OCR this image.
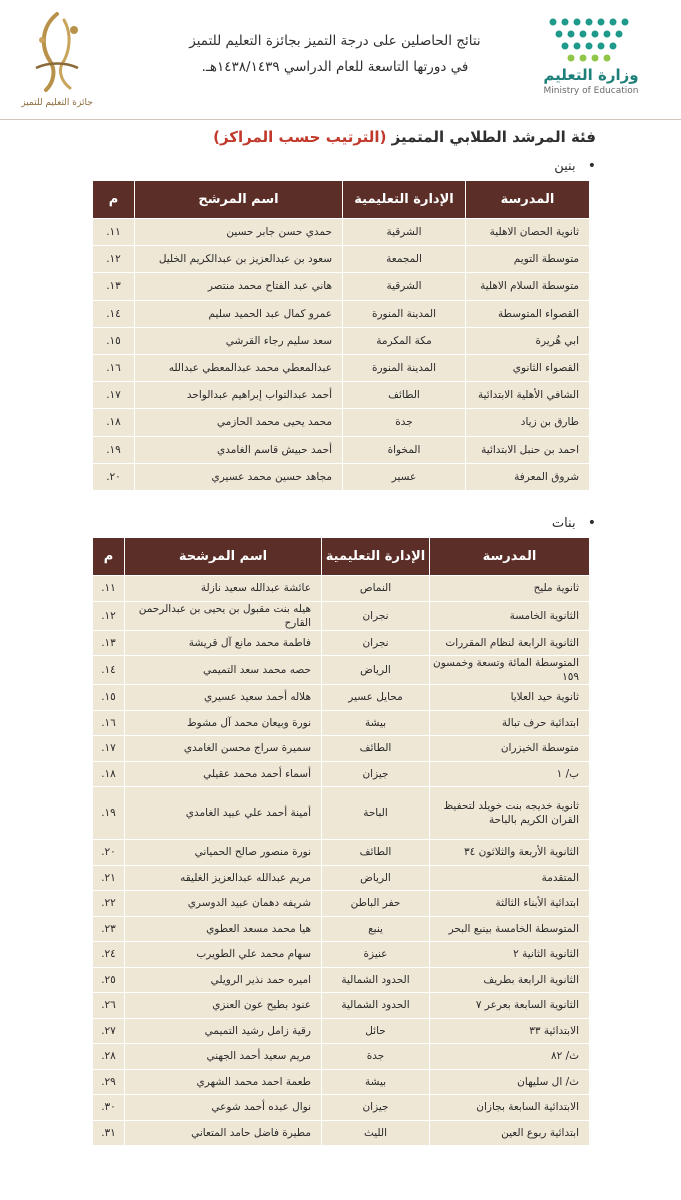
وزارة التعليم
Ministry of Education
نتائج الحاصلين على درجة التميز بجائزة التعليم للتميز
في دورتها التاسعة للعام الدراسي ١٤٣٨/١٤٣٩هـ.
جائزة التعليم للتميز
فئة المرشد الطلابي المتميز (الترتيب حسب المراكز)
• بنين
المدرسة	الإدارة التعليمية	اسم المرشح	م
ثانوية الحصان الاهلية	الشرقية	حمدي حسن جابر حسين	١١.
متوسطة التويم	المجمعة	سعود بن عبدالعزيز بن عبدالكريم الخليل	١٢.
متوسطة السلام الاهلية	الشرقية	هاني عبد الفتاح محمد منتصر	١٣.
القصواء المتوسطة	المدينة المنورة	عمرو كمال عبد الحميد سليم	١٤.
ابي هُريرة	مكة المكرمة	سعد سليم رجاء القرشي	١٥.
القصواء الثانوي	المدينة المنورة	عبدالمعطي محمد عبدالمعطي عبدالله	١٦.
الشافي الأهلية الابتدائية	الطائف	أحمد عبدالتواب إبراهيم عبدالواحد	١٧.
طارق بن زياد	جدة	محمد يحيى محمد الحازمي	١٨.
احمد بن حنبل الابتدائية	المخواة	أحمد حبيش قاسم الغامدي	١٩.
شروق المعرفة	عسير	مجاهد حسين محمد عسيري	٢٠.
• بنات
المدرسة	الإدارة التعليمية	اسم المرشحة	م
ثانوية مليح	النماص	عائشة عبدالله سعيد نازلة	١١.
الثانوية الخامسة	نجران	هيله بنت مقبول بن يحيى بن عبدالرحمن القارح	١٢.
الثانوية الرابعة لنظام المقررات	نجران	فاطمة محمد مانع آل قريشة	١٣.
المتوسطة المائة وتسعة وخمسون ١٥٩	الرياض	حصه محمد سعد التميمي	١٤.
ثانوية حيد العلايا	محايل عسير	هلاله أحمد سعيد عسيري	١٥.
ابتدائية حرف تبالة	بيشة	نورة وبيعان محمد آل مشوط	١٦.
متوسطة الخيزران	الطائف	سميرة سراج محسن الغامدي	١٧.
ب/ ١	جيزان	أسماء أحمد محمد عقيلي	١٨.
ثانوية خديجه بنت خويلد لتحفيظ القران الكريم بالباحة	الباحة	أمينة أحمد علي عبيد الغامدي	١٩.
الثانوية الأربعة والثلاثون ٣٤	الطائف	نورة منصور صالح الحمياني	٢٠.
المتقدمة	الرياض	مريم عبدالله عبدالعزيز الغليقه	٢١.
ابتدائية الأبناء الثالثة	حفر الباطن	شريفه دهمان عبيد الدوسري	٢٢.
المتوسطة الخامسة بينبع البحر	ينبع	هيا محمد مسعد العطوي	٢٣.
الثانوية الثانية ٢	عنيزة	سهام محمد علي الطويرب	٢٤.
الثانوية الرابعة بطريف	الحدود الشمالية	اميره حمد نذير الرويلي	٢٥.
الثانوية السابعة بعرعر ٧	الحدود الشمالية	عنود بطيح عون العنزي	٢٦.
الابتدائية ٣٣	حائل	رقية زامل رشيد التميمي	٢٧.
ث/ ٨٢	جدة	مريم سعيد أحمد الجهني	٢٨.
ث/ ال سليهان	بيشة	طعمة احمد محمد الشهري	٢٩.
الابتدائية السابعة بجازان	جيزان	نوال عبده أحمد شوعي	٣٠.
ابتدائية ربوع العين	الليث	مطيرة فاضل حامد المتعاني	٣١.
